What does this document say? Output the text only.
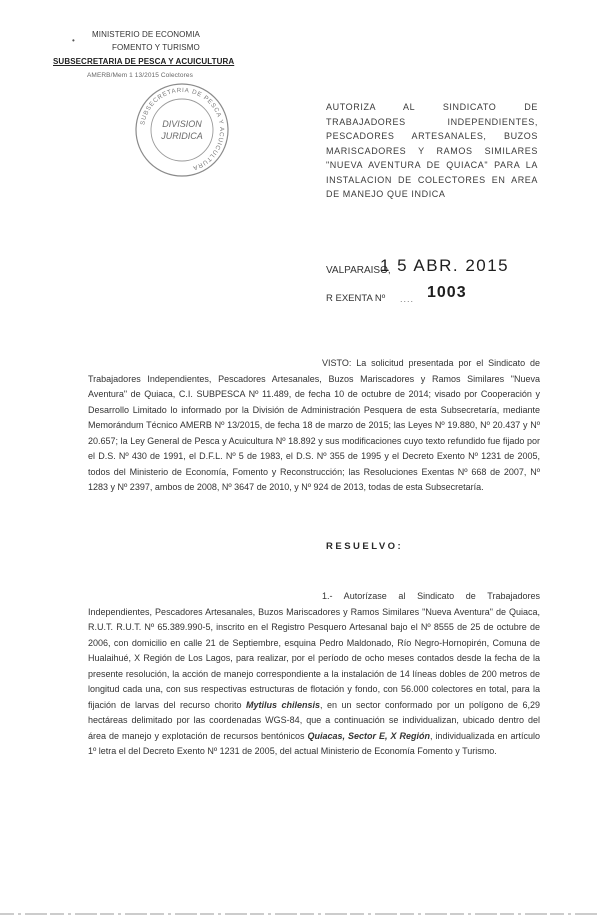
MINISTERIO DE ECONOMIA
FOMENTO Y TURISMO
SUBSECRETARIA DE PESCA Y ACUICULTURA
AMERB/Mem 1 13/2015 Colectores
•
SUBSECRETARIA DE PESCA Y ACUICULTURA
DIVISION
JURIDICA
AUTORIZA AL SINDICATO DE TRABAJADORES INDEPENDIENTES, PESCADORES ARTESANALES, BUZOS MARISCADORES Y RAMOS SIMILARES "NUEVA AVENTURA DE QUIACA" PARA LA INSTALACION DE COLECTORES EN AREA DE MANEJO QUE INDICA
VALPARAISO,
1 5 ABR. 2015
R EXENTA Nº .... 1003
VISTO: La solicitud presentada por el Sindicato de Trabajadores Independientes, Pescadores Artesanales, Buzos Mariscadores y Ramos Similares "Nueva Aventura" de Quiaca, C.I. SUBPESCA Nº 11.489, de fecha 10 de octubre de 2014; visado por Cooperación y Desarrollo Limitado lo informado por la División de Administración Pesquera de esta Subsecretaría, mediante Memorándum Técnico AMERB Nº 13/2015, de fecha 18 de marzo de 2015; las Leyes Nº 19.880, Nº 20.437 y Nº 20.657; la Ley General de Pesca y Acuicultura Nº 18.892 y sus modificaciones cuyo texto refundido fue fijado por el D.S. Nº 430 de 1991, el D.F.L. Nº 5 de 1983, el D.S. Nº 355 de 1995 y el Decreto Exento Nº 1231 de 2005, todos del Ministerio de Economía, Fomento y Reconstrucción; las Resoluciones Exentas Nº 668 de 2007, Nº 1283 y Nº 2397, ambos de 2008, Nº 3647 de 2010, y Nº 924 de 2013, todas de esta Subsecretaría.
RESUELVO:
1.- Autorízase al Sindicato de Trabajadores Independientes, Pescadores Artesanales, Buzos Mariscadores y Ramos Similares "Nueva Aventura" de Quiaca, R.U.T. R.U.T. Nº 65.389.990-5, inscrito en el Registro Pesquero Artesanal bajo el Nº 8555 de 25 de octubre de 2006, con domicilio en calle 21 de Septiembre, esquina Pedro Maldonado, Río Negro-Hornopirén, Comuna de Hualaihué, X Región de Los Lagos, para realizar, por el período de ocho meses contados desde la fecha de la presente resolución, la acción de manejo correspondiente a la instalación de 14 líneas dobles de 200 metros de longitud cada una, con sus respectivas estructuras de flotación y fondo, con 56.000 colectores en total, para la fijación de larvas del recurso chorito Mytilus chilensis, en un sector conformado por un polígono de 6,29 hectáreas delimitado por las coordenadas WGS-84, que a continuación se individualizan, ubicado dentro del área de manejo y explotación de recursos bentónicos Quiacas, Sector E, X Región, individualizada en artículo 1º letra el del Decreto Exento Nº 1231 de 2005, del actual Ministerio de Economía Fomento y Turismo.
